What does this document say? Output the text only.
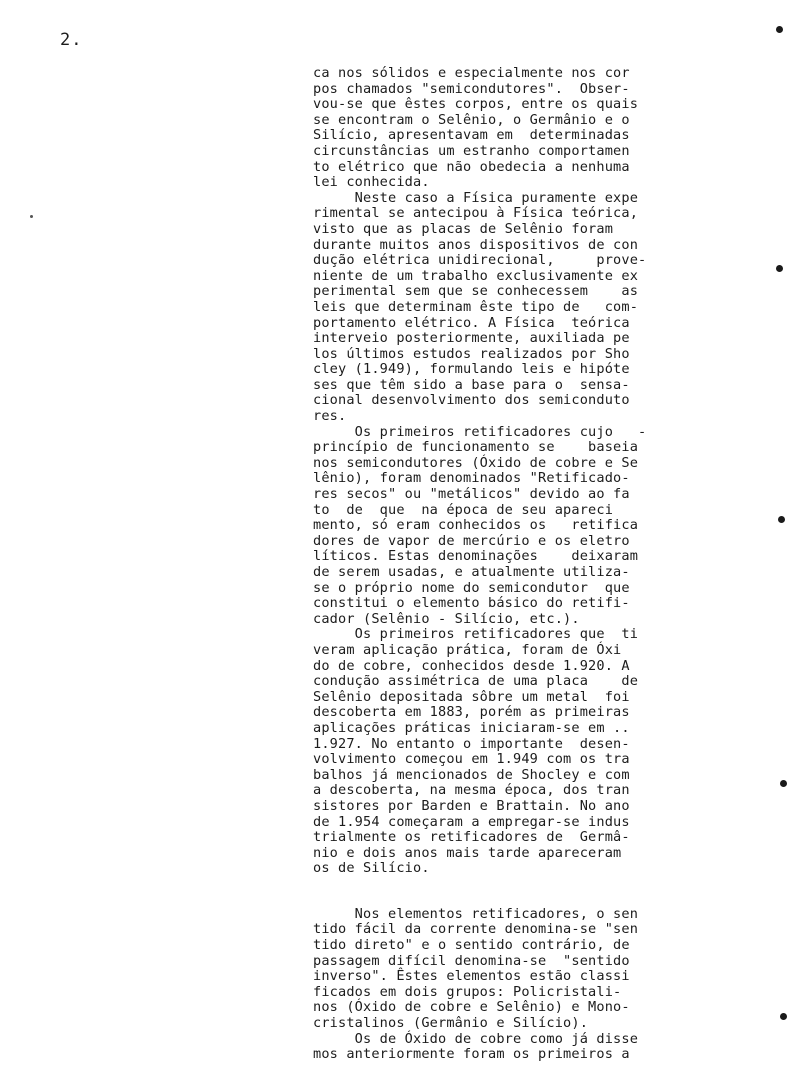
2.
ca nos sólidos e especialmente nos cor
pos chamados "semicondutores".  Obser-
vou-se que êstes corpos, entre os quais
se encontram o Selênio, o Germânio e o
Silício, apresentavam em  determinadas
circunstâncias um estranho comportamen
to elétrico que não obedecia a nenhuma
lei conhecida.
Neste caso a Física puramente expe
rimental se antecipou à Física teórica,
visto que as placas de Selênio foram
durante muitos anos dispositivos de con
dução elétrica unidirecional,     prove-
niente de um trabalho exclusivamente ex
perimental sem que se conhecessem    as
leis que determinam êste tipo de   com-
portamento elétrico. A Física  teórica
interveio posteriormente, auxiliada pe
los últimos estudos realizados por Sho
cley (1.949), formulando leis e hipóte
ses que têm sido a base para o  sensa-
cional desenvolvimento dos semiconduto
res.
Os primeiros retificadores cujo   -
princípio de funcionamento se    baseia
nos semicondutores (Óxido de cobre e Se
lênio), foram denominados "Retificado-
res secos" ou "metálicos" devido ao fa
to  de  que  na época de seu apareci
mento, só eram conhecidos os   retifica
dores de vapor de mercúrio e os eletro
líticos. Estas denominações    deixaram
de serem usadas, e atualmente utiliza-
se o próprio nome do semicondutor  que
constitui o elemento básico do retifi-
cador (Selênio - Silício, etc.).
Os primeiros retificadores que  ti
veram aplicação prática, foram de Óxi
do de cobre, conhecidos desde 1.920. A
condução assimétrica de uma placa    de
Selênio depositada sôbre um metal  foi
descoberta em 1883, porém as primeiras
aplicações práticas iniciaram-se em ..
1.927. No entanto o importante  desen-
volvimento começou em 1.949 com os tra
balhos já mencionados de Shocley e com
a descoberta, na mesma época, dos tran
sistores por Barden e Brattain. No ano
de 1.954 começaram a empregar-se indus
trialmente os retificadores de  Germâ-
nio e dois anos mais tarde apareceram
os de Silício.
Nos elementos retificadores, o sen
tido fácil da corrente denomina-se "sen
tido direto" e o sentido contrário, de
passagem difícil denomina-se  "sentido
inverso". Êstes elementos estão classi
ficados em dois grupos: Policristali-
nos (Óxido de cobre e Selênio) e Mono-
cristalinos (Germânio e Silício).
Os de Óxido de cobre como já disse
mos anteriormente foram os primeiros a
